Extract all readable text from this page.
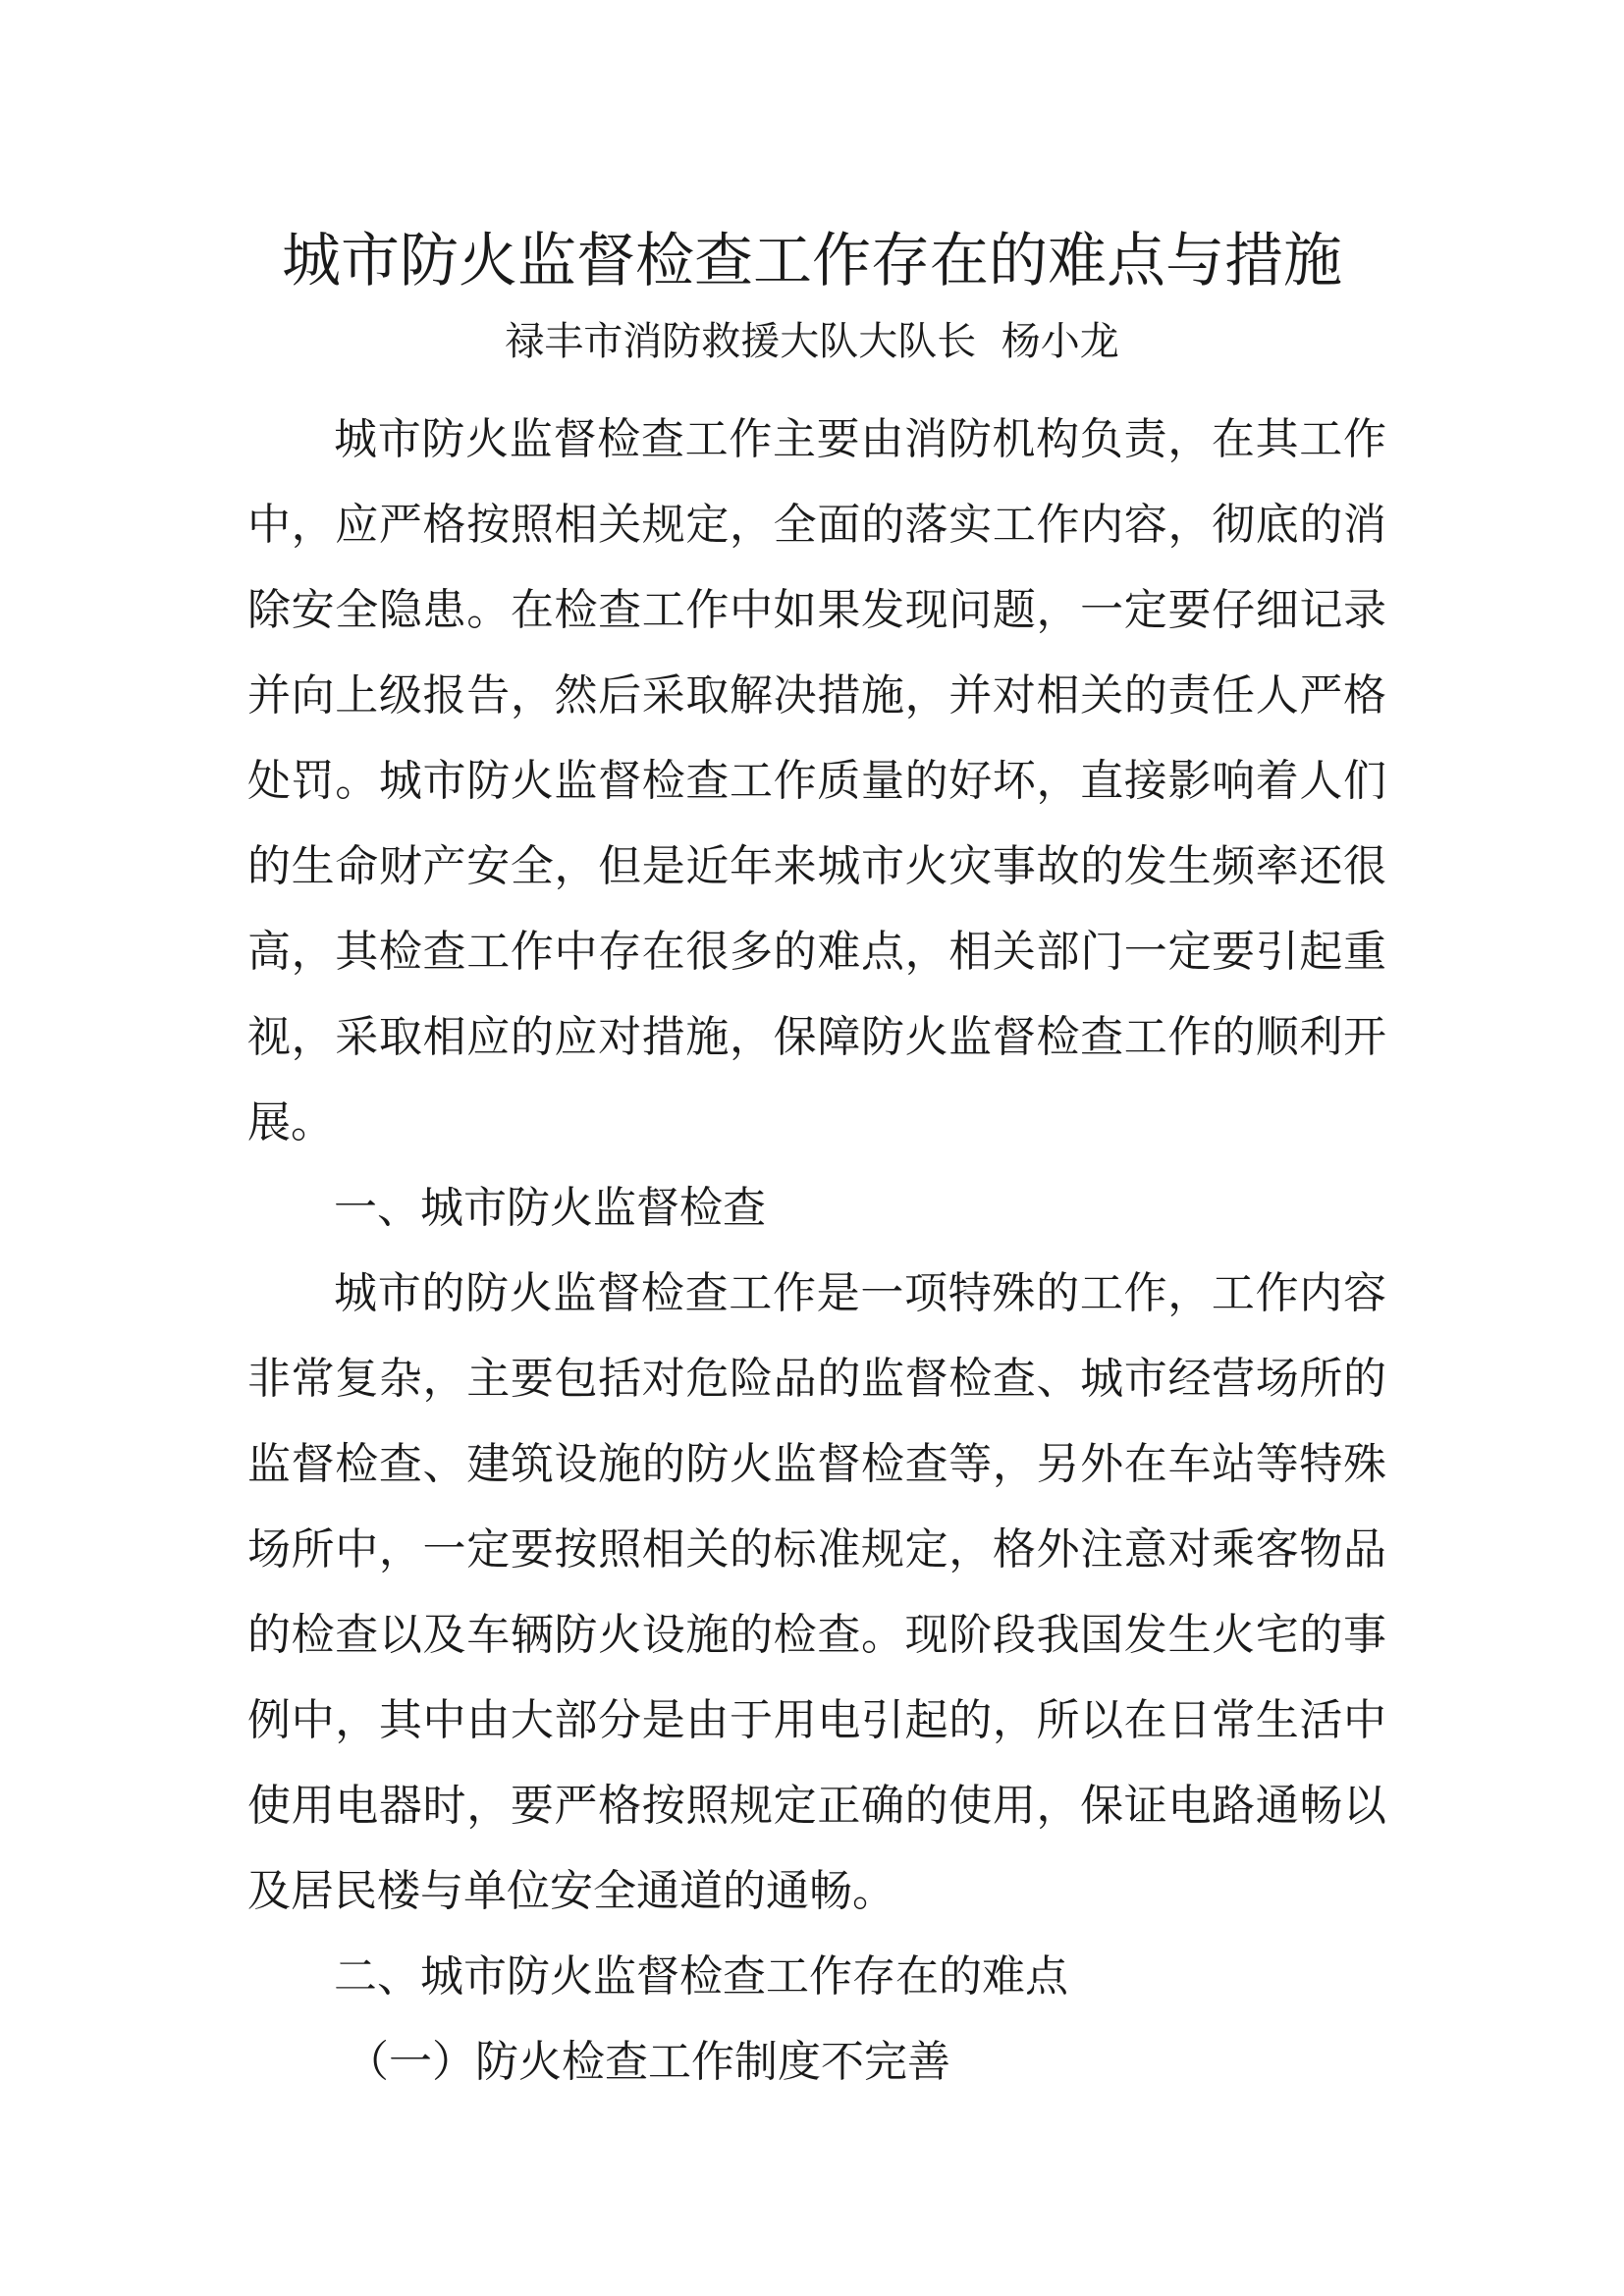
城市防火监督检查工作存在的难点与措施

禄丰市消防救援大队大队长  杨小龙

城市防火监督检查工作主要由消防机构负责，在其工作中，应严格按照相关规定，全面的落实工作内容，彻底的消除安全隐患。在检查工作中如果发现问题，一定要仔细记录并向上级报告，然后采取解决措施，并对相关的责任人严格处罚。城市防火监督检查工作质量的好坏，直接影响着人们的生命财产安全，但是近年来城市火灾事故的发生频率还很高，其检查工作中存在很多的难点，相关部门一定要引起重视，采取相应的应对措施，保障防火监督检查工作的顺利开展。

一、城市防火监督检查

城市的防火监督检查工作是一项特殊的工作，工作内容非常复杂，主要包括对危险品的监督检查、城市经营场所的监督检查、建筑设施的防火监督检查等，另外在车站等特殊场所中，一定要按照相关的标准规定，格外注意对乘客物品的检查以及车辆防火设施的检查。现阶段我国发生火宅的事例中，其中由大部分是由于用电引起的，所以在日常生活中使用电器时，要严格按照规定正确的使用，保证电路通畅以及居民楼与单位安全通道的通畅。

二、城市防火监督检查工作存在的难点

（一）防火检查工作制度不完善
